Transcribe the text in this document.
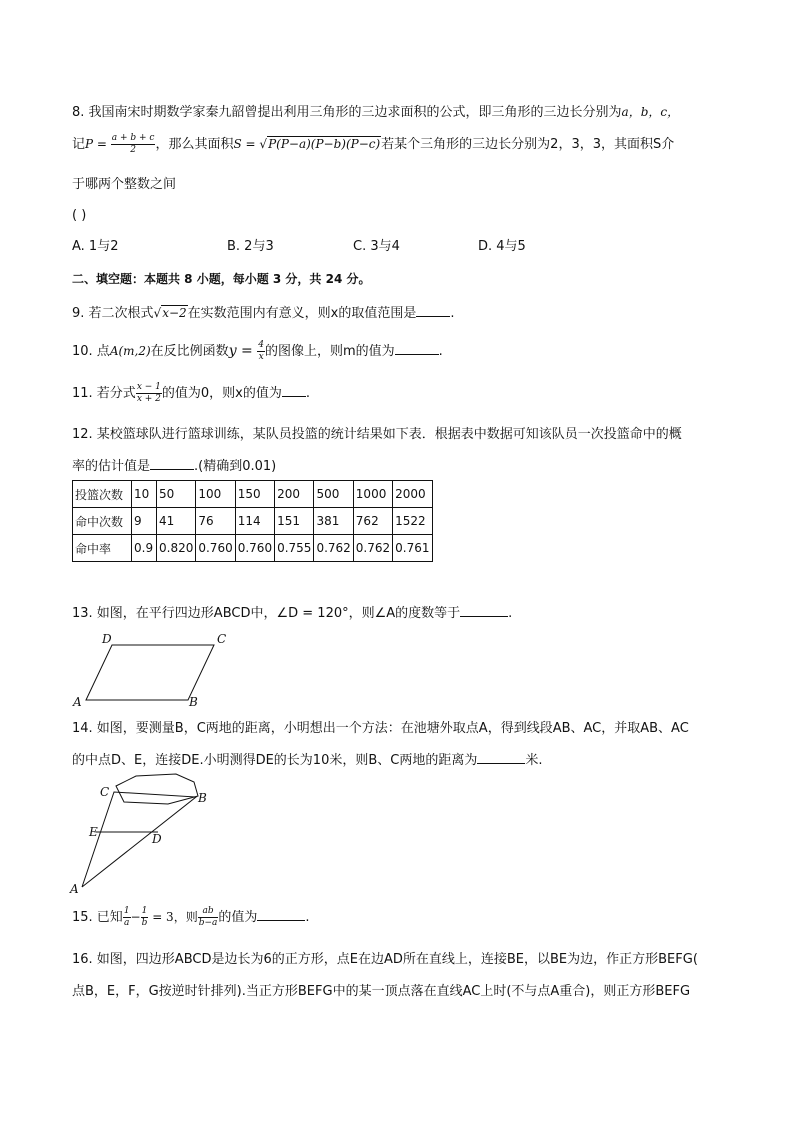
8. 我国南宋时期数学家秦九韶曾提出利用三角形的三边求面积的公式，即三角形的三边长分别为a，b，c，
记$P = \frac{a + b + c}{2}$ ，那么其面积S = √P(P−a)(P−b)(P−c)若某个三角形的三边长分别为2，3，3，其面积S介
于哪两个整数之间
( )
A. 1与2	B. 2与3	C. 3与4	D. 4与5
二、填空题：本题共 8 小题，每小题 3 分，共 24 分。
9. 若二次根式√x−2在实数范围内有意义，则x的取值范围是	.
10. 点A(m,2)在反比例函数$y = \frac{4}{x}$ 的图像上，则m的值为	.
11. 若分式 $\frac{x - 1}{x + 2}$ 的值为0，则x的值为 .
12. 某校篮球队进行篮球训练，某队员投篮的统计结果如下表．根据表中数据可知该队员一次投篮命中的概
率的估计值是	.(精确到0.01)
投篮次数	10	50	100	150	200	500	1000	2000
命中次数	9	41	76	114	151	381	762	1522
命中率	0.9	0.820	0.760	0.760	0.755	0.762	0.762	0.761
13. 如图，在平行四边形ABCD中，∠D = 120°，则∠A的度数等于	.
D	C
A	B
14. 如图，要测量B，C两地的距离，小明想出一个方法：在池塘外取点A，得到线段AB、AC，并取AB、AC
的中点D、E，连接DE.小明测得DE的长为10米，则B、C两地的距离为	米.
C	B
E	D
A
15. 已知 $\frac{1}{a} - \frac{1}{b} = 3$，则 $\frac{ab}{b-a}$ 的值为	.
16. 如图，四边形ABCD是边长为6的正方形，点E在边AD所在直线上，连接BE，以BE为边，作正方形BEFG(
点B，E，F，G按逆时针排列).当正方形BEFG中的某一顶点落在直线AC上时(不与点A重合)，则正方形BEFG
